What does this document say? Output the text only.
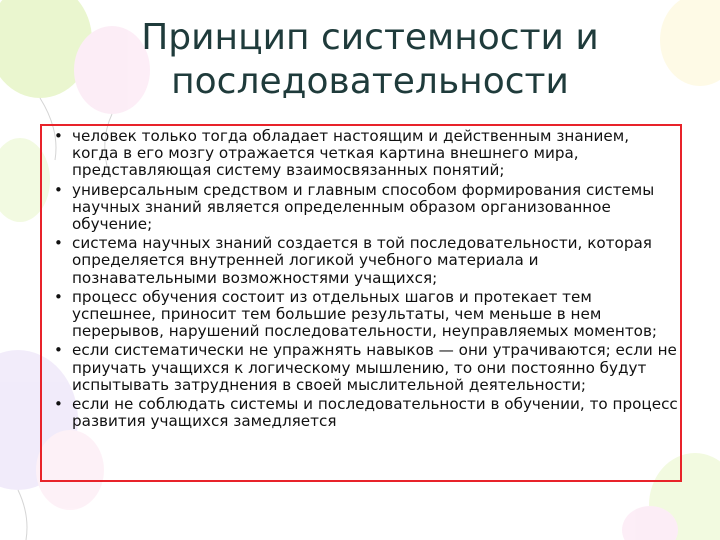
Принцип системности и
последовательности
• человек только тогда обладает настоящим и действенным знанием, когда в его мозгу отражается четкая картина внешнего мира, представляющая систему взаимосвязанных понятий;
• универсальным средством и главным способом формирования системы научных знаний является определенным образом организованное обучение;
• система научных знаний создается в той последовательности, которая определяется внутренней логикой учебного материала и познавательными возможностями учащихся;
• процесс обучения состоит из отдельных шагов и протекает тем успешнее, приносит тем большие результаты, чем меньше в нем перерывов, нарушений последовательности, неуправляемых моментов;
• если систематически не упражнять навыков — они утрачиваются; если не приучать учащихся к логическому мышлению, то они постоянно будут испытывать затруднения в своей мыслительной деятельности;
• если не соблюдать системы и последовательности в обучении, то процесс развития учащихся замедляется
